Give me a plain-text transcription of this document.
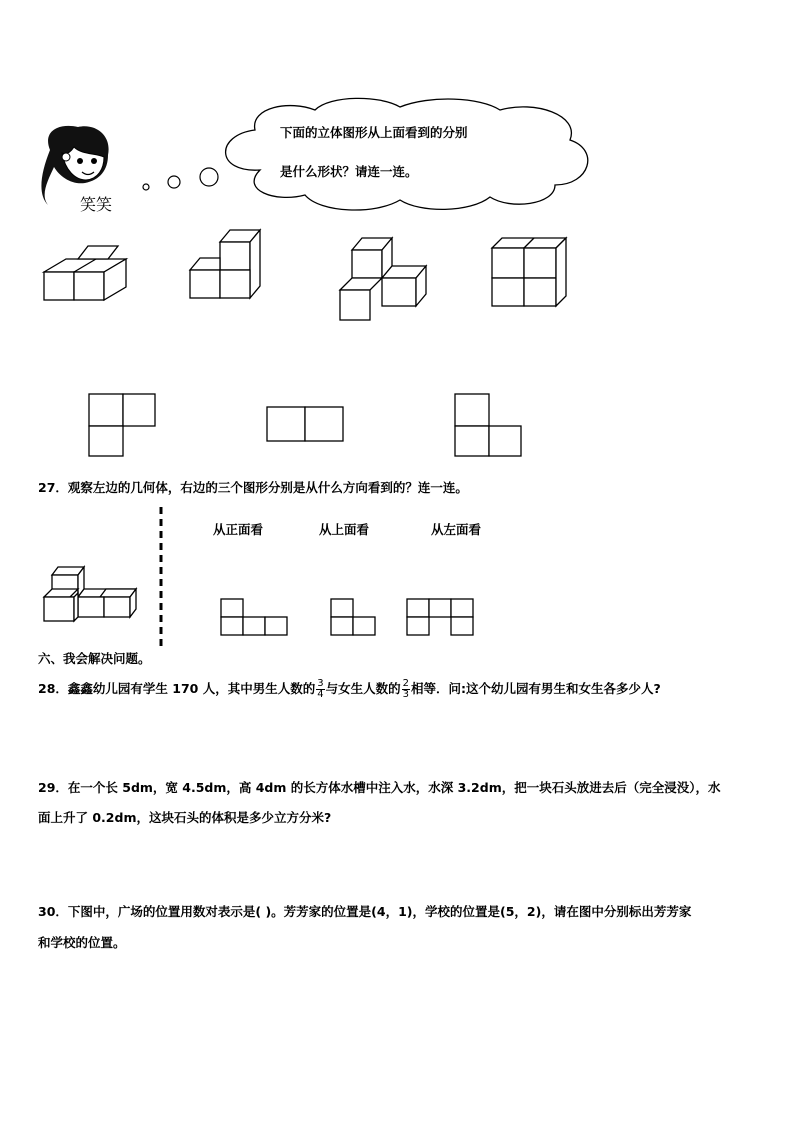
笑笑
下面的立体图形从上面看到的分别
是什么形状？请连一连。
27．观察左边的几何体，右边的三个图形分别是从什么方向看到的？连一连。
从正面看	从上面看	从左面看
六、我会解决问题。
28．鑫鑫幼儿园有学生 170 人，其中男生人数的 $\frac{3}{4}$ 与女生人数的 $\frac{2}{3}$ 相等．问:这个幼儿园有男生和女生各多少人?
29．在一个长 5dm，宽 4.5dm，高 4dm 的长方体水槽中注入水，水深 3.2dm，把一块石头放进去后（完全浸没），水
面上升了 0.2dm，这块石头的体积是多少立方分米?
30．下图中，广场的位置用数对表示是( )。芳芳家的位置是(4，1)，学校的位置是(5，2)，请在图中分别标出芳芳家
和学校的位置。
